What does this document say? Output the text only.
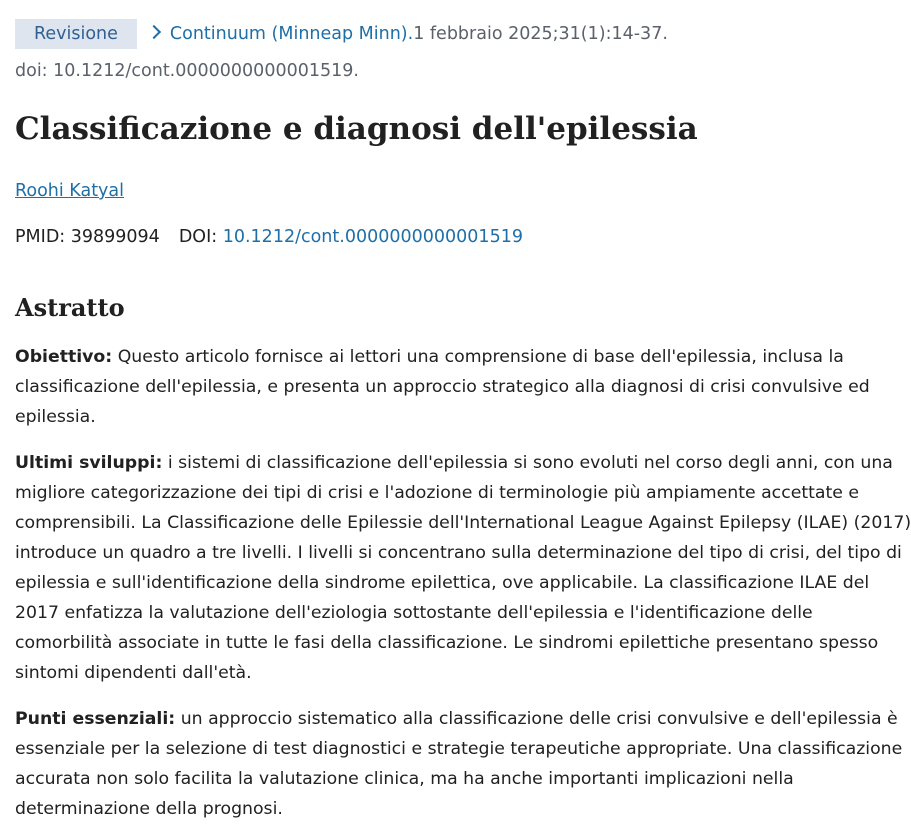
Revisione	Continuum (Minneap Minn).1 febbraio 2025;31(1):14-37.
doi: 10.1212/cont.0000000000001519.
Classificazione e diagnosi dell'epilessia
Roohi Katyal
PMID: 39899094 DOI: 10.1212/cont.0000000000001519
Astratto

Obiettivo: Questo articolo fornisce ai lettori una comprensione di base dell'epilessia, inclusa la
classificazione dell'epilessia, e presenta un approccio strategico alla diagnosi di crisi convulsive ed
epilessia.

Ultimi sviluppi: i sistemi di classificazione dell'epilessia si sono evoluti nel corso degli anni, con una
migliore categorizzazione dei tipi di crisi e l'adozione di terminologie più ampiamente accettate e
comprensibili. La Classificazione delle Epilessie dell'International League Against Epilepsy (ILAE) (2017)
introduce un quadro a tre livelli. I livelli si concentrano sulla determinazione del tipo di crisi, del tipo di
epilessia e sull'identificazione della sindrome epilettica, ove applicabile. La classificazione ILAE del
2017 enfatizza la valutazione dell'eziologia sottostante dell'epilessia e l'identificazione delle
comorbilità associate in tutte le fasi della classificazione. Le sindromi epilettiche presentano spesso
sintomi dipendenti dall'età.

Punti essenziali: un approccio sistematico alla classificazione delle crisi convulsive e dell'epilessia è
essenziale per la selezione di test diagnostici e strategie terapeutiche appropriate. Una classificazione
accurata non solo facilita la valutazione clinica, ma ha anche importanti implicazioni nella
determinazione della prognosi.
